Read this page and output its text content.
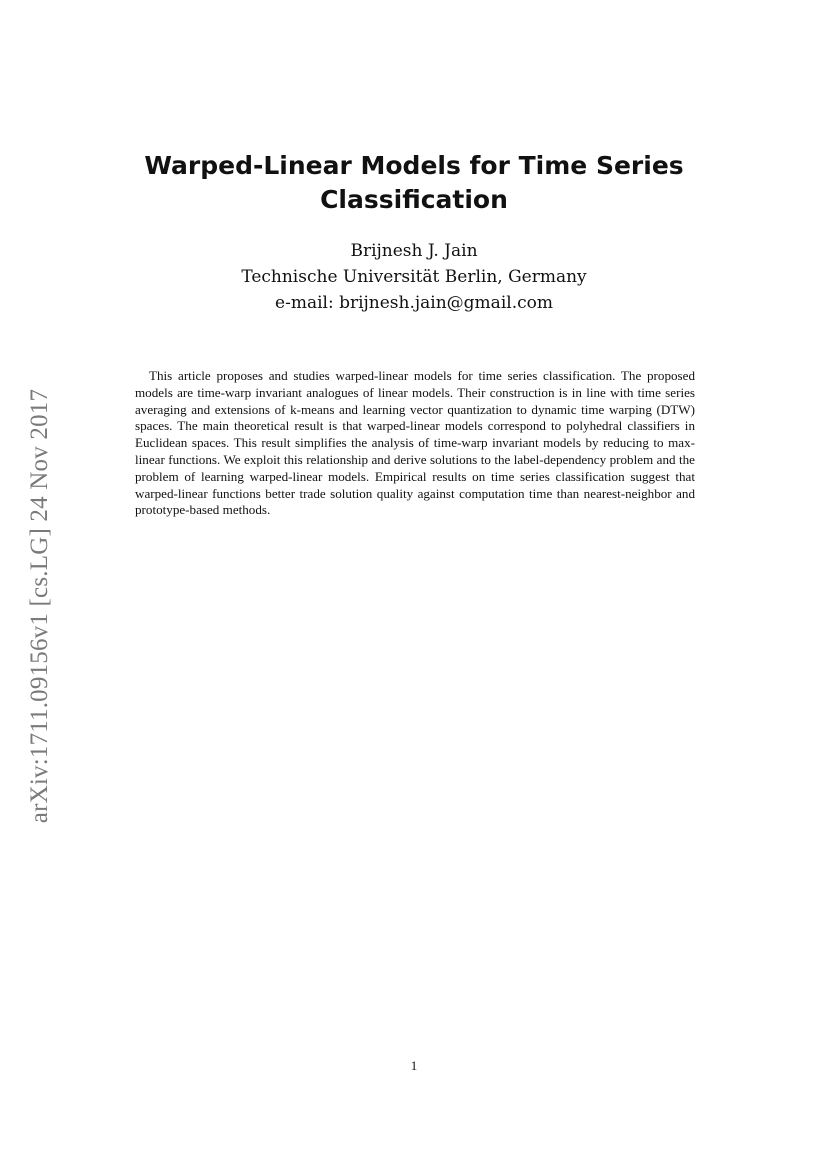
arXiv:1711.09156v1 [cs.LG] 24 Nov 2017
Warped-Linear Models for Time Series Classification
Brijnesh J. Jain
Technische Universität Berlin, Germany
e-mail: brijnesh.jain@gmail.com

This article proposes and studies warped-linear models for time series classification. The proposed models are time-warp invariant analogues of linear models. Their construction is in line with time series averaging and extensions of k-means and learning vector quantization to dynamic time warping (DTW) spaces. The main theoretical result is that warped-linear models correspond to polyhedral classifiers in Euclidean spaces. This result simplifies the analysis of time-warp invariant models by reducing to max-linear functions. We exploit this relationship and derive solutions to the label-dependency problem and the problem of learning warped-linear models. Empirical results on time series classification suggest that warped-linear functions better trade solution quality against computation time than nearest-neighbor and prototype-based methods.

1
